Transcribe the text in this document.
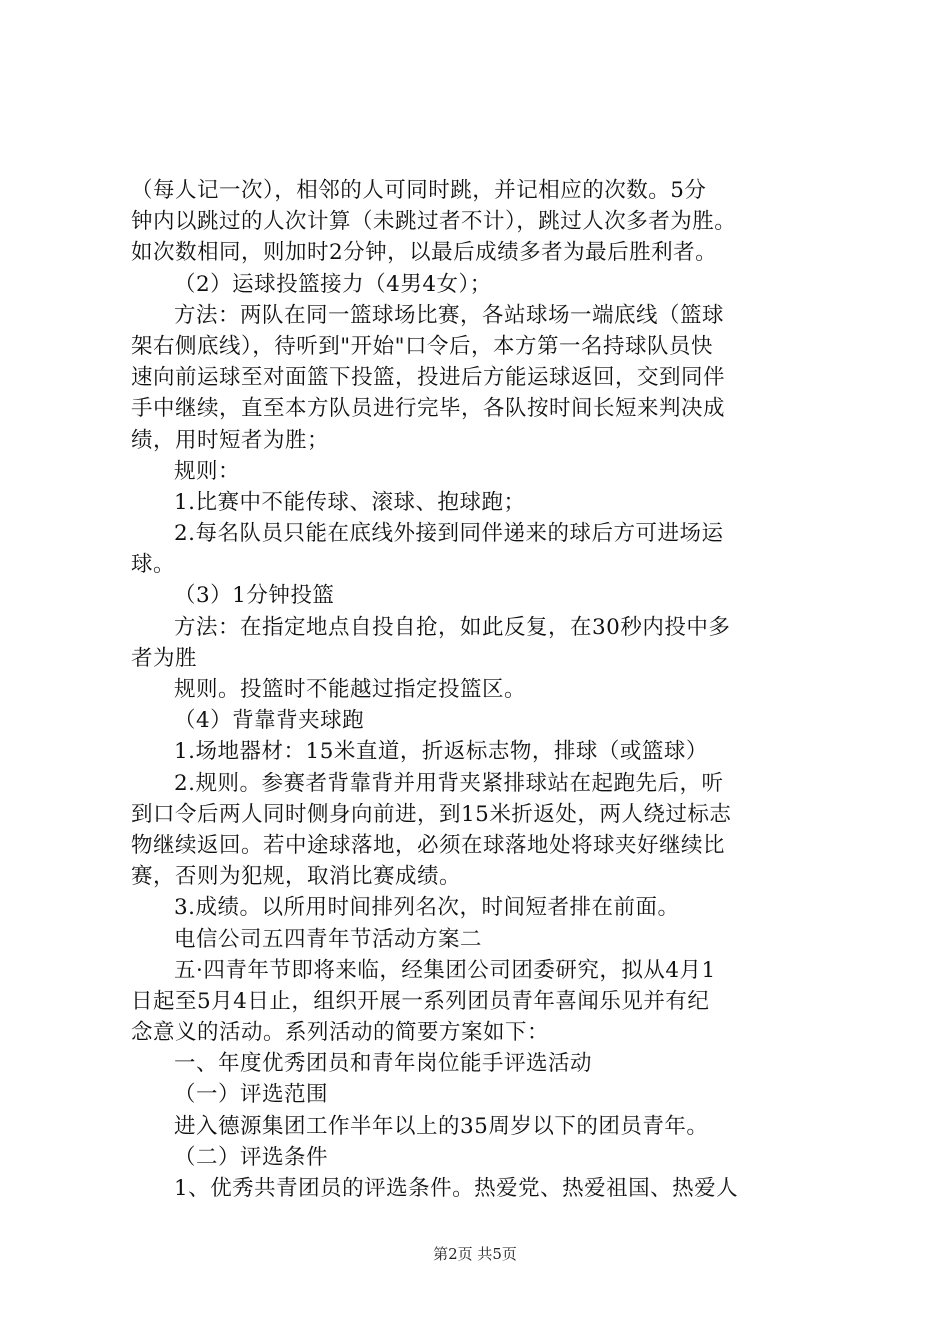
（每人记一次），相邻的人可同时跳，并记相应的次数。5分
钟内以跳过的人次计算（未跳过者不计），跳过人次多者为胜。
如次数相同，则加时2分钟，以最后成绩多者为最后胜利者。
（2）运球投篮接力（4男4女）；
方法：两队在同一篮球场比赛，各站球场一端底线（篮球
架右侧底线），待听到"开始"口令后，本方第一名持球队员快
速向前运球至对面篮下投篮，投进后方能运球返回，交到同伴
手中继续，直至本方队员进行完毕，各队按时间长短来判决成
绩，用时短者为胜；
规则：
1.比赛中不能传球、滚球、抱球跑；
2.每名队员只能在底线外接到同伴递来的球后方可进场运
球。
（3）1分钟投篮
方法：在指定地点自投自抢，如此反复，在30秒内投中多
者为胜
规则。投篮时不能越过指定投篮区。
（4）背靠背夹球跑
1.场地器材：15米直道，折返标志物，排球（或篮球）
2.规则。参赛者背靠背并用背夹紧排球站在起跑先后，听
到口令后两人同时侧身向前进，到15米折返处，两人绕过标志
物继续返回。若中途球落地，必须在球落地处将球夹好继续比
赛，否则为犯规，取消比赛成绩。
3.成绩。以所用时间排列名次，时间短者排在前面。
电信公司五四青年节活动方案二
五·四青年节即将来临，经集团公司团委研究，拟从4月1
日起至5月4日止，组织开展一系列团员青年喜闻乐见并有纪
念意义的活动。系列活动的简要方案如下：
一、年度优秀团员和青年岗位能手评选活动
（一）评选范围
进入德源集团工作半年以上的35周岁以下的团员青年。
（二）评选条件
1、优秀共青团员的评选条件。热爱党、热爱祖国、热爱人
第2页 共5页
